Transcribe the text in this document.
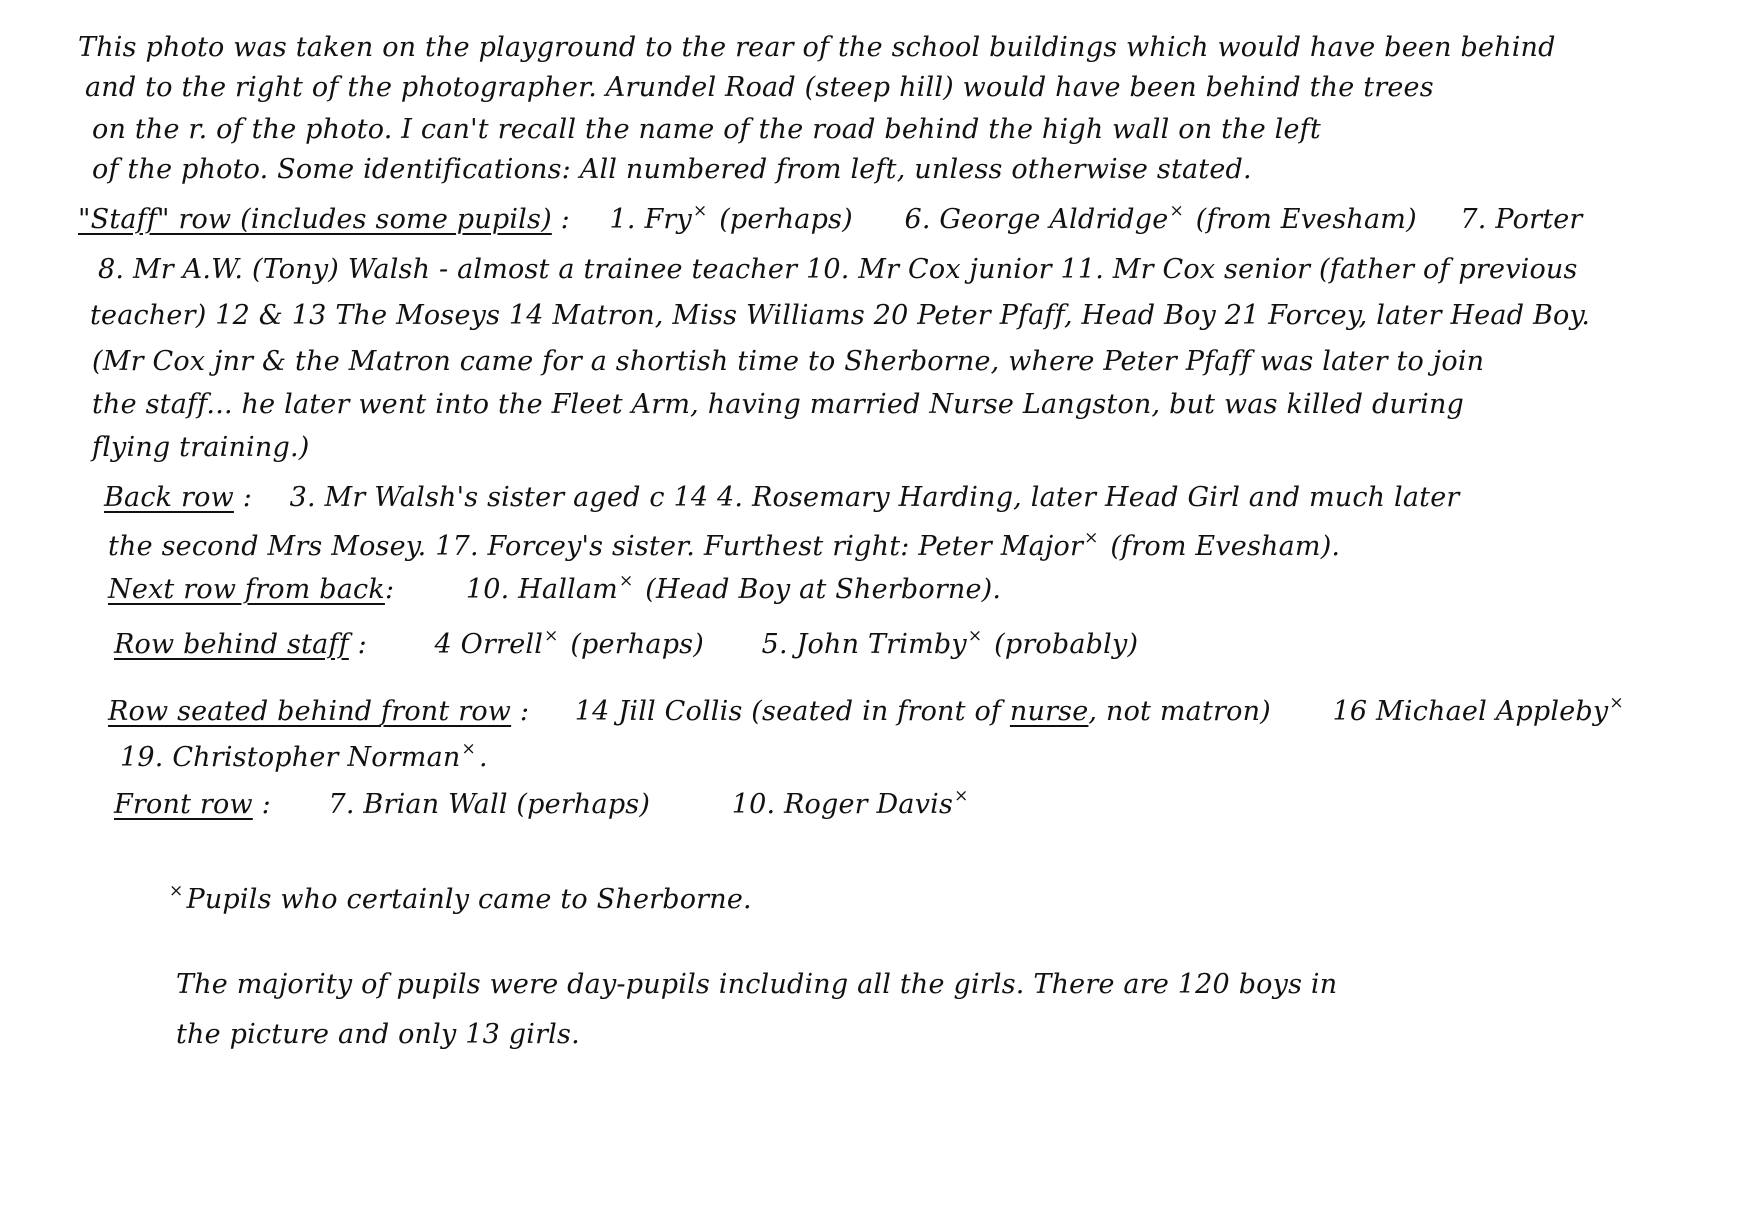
This photo was taken on the playground to the rear of the school buildings which would have been behind
and to the right of the photographer. Arundel Road (steep hill) would have been behind the trees
on the r. of the photo. I can't recall the name of the road behind the high wall on the left
of the photo. Some identifications: All numbered from left, unless otherwise stated.
"Staff" row (includes some pupils) : 1. Fry× (perhaps) 6. George Aldridge× (from Evesham) 7. Porter
8. Mr A.W. (Tony) Walsh - almost a trainee teacher 10. Mr Cox junior 11. Mr Cox senior (father of previous
teacher) 12 & 13 The Moseys 14 Matron, Miss Williams 20 Peter Pfaff, Head Boy 21 Forcey, later Head Boy.
(Mr Cox jnr & the Matron came for a shortish time to Sherborne, where Peter Pfaff was later to join
the staff... he later went into the Fleet Arm, having married Nurse Langston, but was killed during
flying training.)
Back row : 3. Mr Walsh's sister aged c 14 4. Rosemary Harding, later Head Girl and much later
the second Mrs Mosey. 17. Forcey's sister. Furthest right: Peter Major× (from Evesham).
Next row from back:	10. Hallam× (Head Boy at Sherborne).
Row behind staff :	4 Orrell× (perhaps) 5. John Trimby× (probably)
Row seated behind front row : 14 Jill Collis (seated in front of nurse, not matron) 16 Michael Appleby×
19. Christopher Norman× .
Front row : 7. Brian Wall (perhaps)	10. Roger Davis×
× Pupils who certainly came to Sherborne.
The majority of pupils were day-pupils including all the girls. There are 120 boys in
the picture and only 13 girls.
